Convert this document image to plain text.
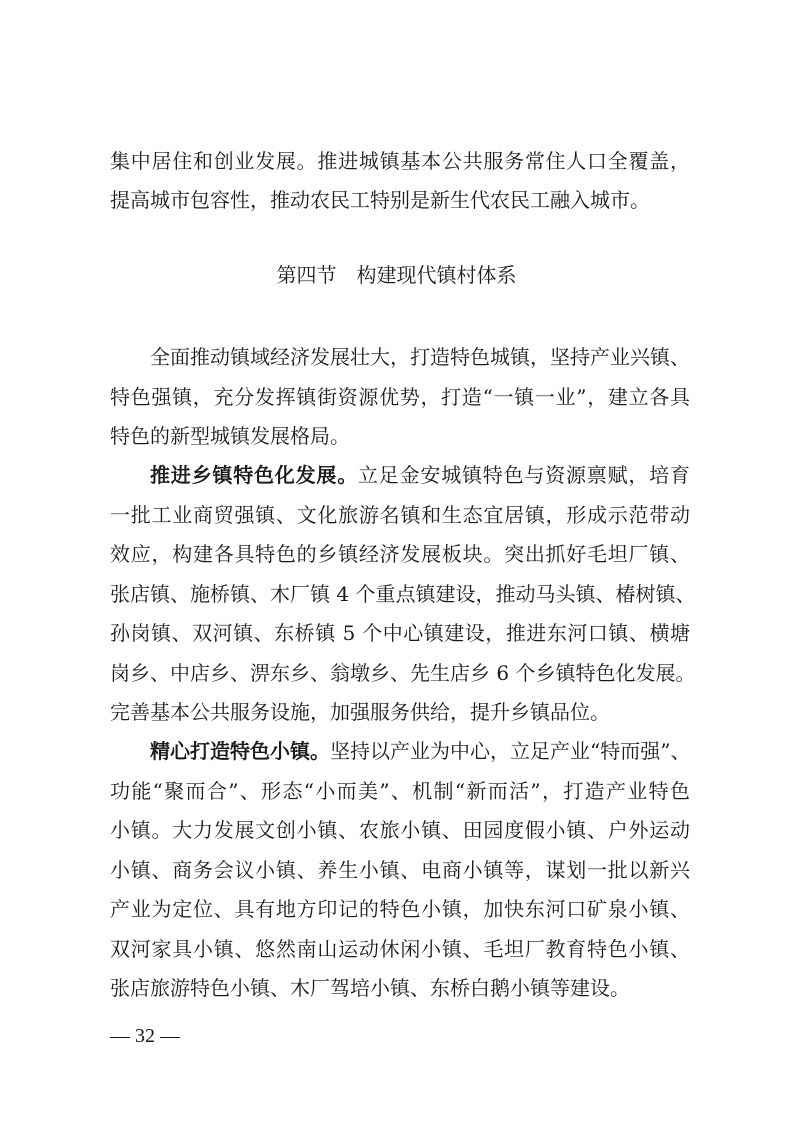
集中居住和创业发展。推进城镇基本公共服务常住人口全覆盖，
提高城市包容性，推动农民工特别是新生代农民工融入城市。
第四节　构建现代镇村体系
全面推动镇域经济发展壮大，打造特色城镇，坚持产业兴镇、
特色强镇，充分发挥镇街资源优势，打造“一镇一业”，建立各具
特色的新型城镇发展格局。
推进乡镇特色化发展。立足金安城镇特色与资源禀赋，培育
一批工业商贸强镇、文化旅游名镇和生态宜居镇，形成示范带动
效应，构建各具特色的乡镇经济发展板块。突出抓好毛坦厂镇、
张店镇、施桥镇、木厂镇 4 个重点镇建设，推动马头镇、椿树镇、
孙岗镇、双河镇、东桥镇 5 个中心镇建设，推进东河口镇、横塘
岗乡、中店乡、淠东乡、翁墩乡、先生店乡 6 个乡镇特色化发展。
完善基本公共服务设施，加强服务供给，提升乡镇品位。
精心打造特色小镇。坚持以产业为中心，立足产业“特而强”、
功能“聚而合”、形态“小而美”、机制“新而活”，打造产业特色
小镇。大力发展文创小镇、农旅小镇、田园度假小镇、户外运动
小镇、商务会议小镇、养生小镇、电商小镇等，谋划一批以新兴
产业为定位、具有地方印记的特色小镇，加快东河口矿泉小镇、
双河家具小镇、悠然南山运动休闲小镇、毛坦厂教育特色小镇、
张店旅游特色小镇、木厂驾培小镇、东桥白鹅小镇等建设。
— 32 —
